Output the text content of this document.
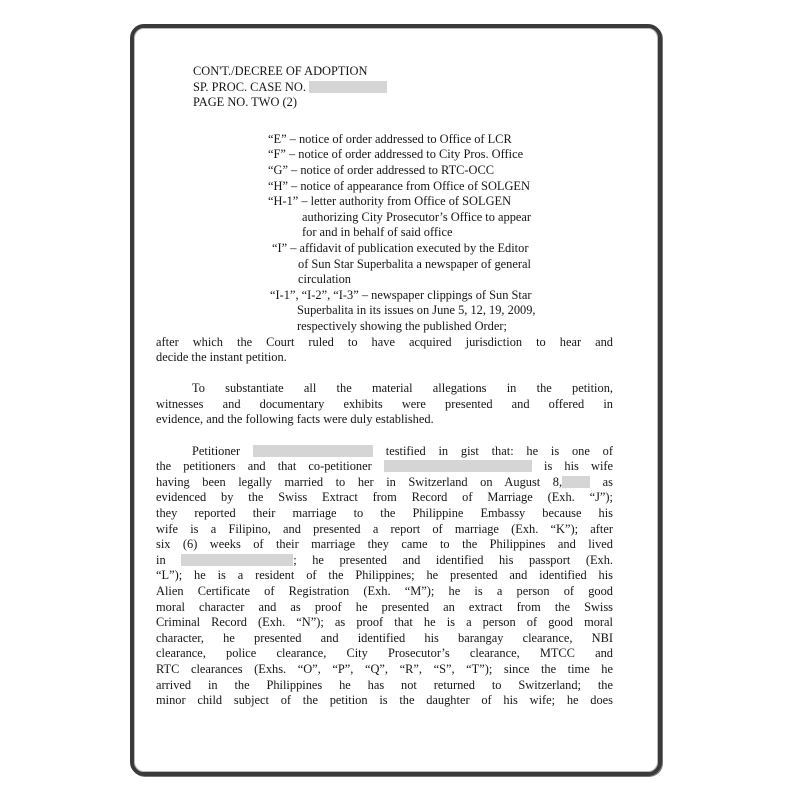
CON'T./DECREE OF ADOPTION
SP. PROC. CASE NO.
PAGE NO. TWO (2)
“E” – notice of order addressed to Office of LCR
“F” – notice of order addressed to City Pros. Office
“G” – notice of order addressed to RTC-OCC
“H” – notice of appearance from Office of SOLGEN
“H-1” – letter authority from Office of SOLGEN
authorizing City Prosecutor’s Office to appear
for and in behalf of said office
“I” – affidavit of publication executed by the Editor
of Sun Star Superbalita a newspaper of general
circulation
“I-1”, “I-2”, “I-3” – newspaper clippings of Sun Star
Superbalita in its issues on June 5, 12, 19, 2009,
respectively showing the published Order;
after which the Court ruled to have acquired jurisdiction to hear and
decide the instant petition.
To substantiate all the material allegations in the petition,
witnesses and documentary exhibits were presented and offered in
evidence, and the following facts were duly established.
Petitioner	testified in gist that: he is one of
the petitioners and that co-petitioner	is his wife
having been legally married to her in Switzerland on August 8,	as
evidenced by the Swiss Extract from Record of Marriage (Exh. “J”);
they reported their marriage to the Philippine Embassy because his
wife is a Filipino, and presented a report of marriage (Exh. “K”); after
six (6) weeks of their marriage they came to the Philippines and lived
in	; he presented and identified his passport (Exh.
“L”); he is a resident of the Philippines; he presented and identified his
Alien Certificate of Registration (Exh. “M”); he is a person of good
moral character and as proof he presented an extract from the Swiss
Criminal Record (Exh. “N”); as proof that he is a person of good moral
character, he presented and identified his barangay clearance, NBI
clearance, police clearance, City Prosecutor’s clearance, MTCC and
RTC clearances (Exhs. “O”, “P”, “Q”, “R”, “S”, “T”); since the time he
arrived in the Philippines he has not returned to Switzerland; the
minor child subject of the petition is the daughter of his wife; he does
